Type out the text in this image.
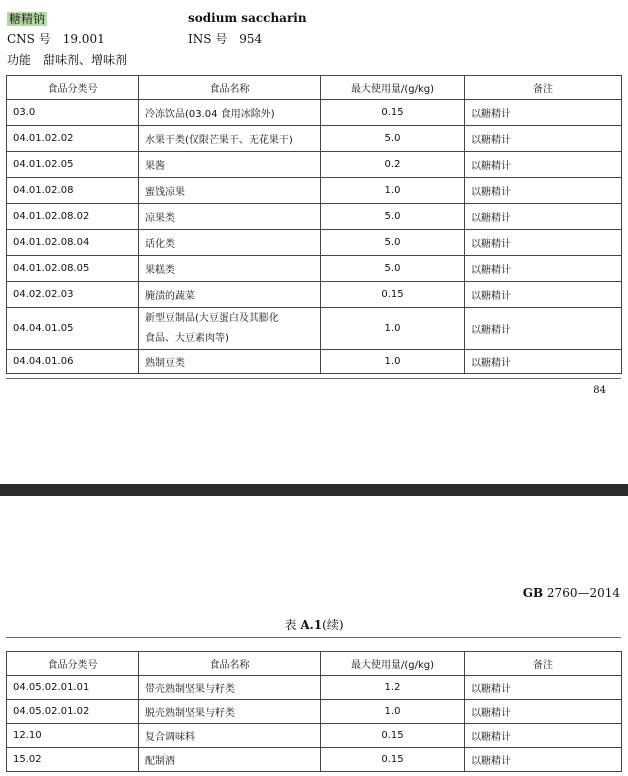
糖精钠	sodium saccharin
CNS 号 19.001	INS 号 954
功能 甜味剂、增味剂
食品分类号	食品名称	最大使用量/(g/kg)	备注
03.0	冷冻饮品(03.04 食用冰除外)	0.15	以糖精计
04.01.02.02	水果干类(仅限芒果干、无花果干)	5.0	以糖精计
04.01.02.05	果酱	0.2	以糖精计
04.01.02.08	蜜饯凉果	1.0	以糖精计
04.01.02.08.02	凉果类	5.0	以糖精计
04.01.02.08.04	话化类	5.0	以糖精计
04.01.02.08.05	果糕类	5.0	以糖精计
04.02.02.03	腌渍的蔬菜	0.15	以糖精计
04.04.01.05	新型豆制品(大豆蛋白及其膨化
食品、大豆素肉等)	1.0	以糖精计
04.04.01.06	熟制豆类	1.0	以糖精计
84
GB 2760—2014
表 A.1(续)
食品分类号	食品名称	最大使用量/(g/kg)	备注
04.05.02.01.01	带壳熟制坚果与籽类	1.2	以糖精计
04.05.02.01.02	脱壳熟制坚果与籽类	1.0	以糖精计
12.10	复合调味料	0.15	以糖精计
15.02	配制酒	0.15	以糖精计
